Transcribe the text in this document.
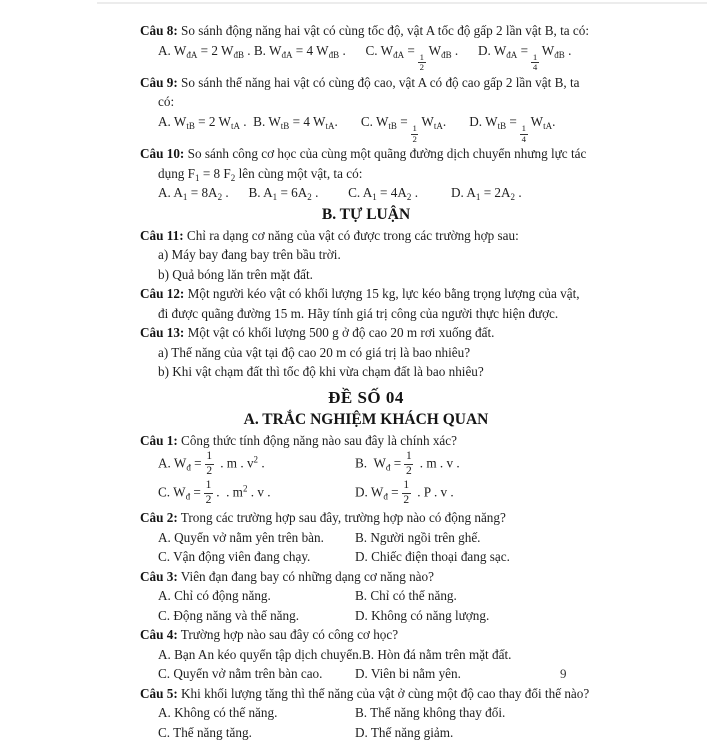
Câu 8: So sánh động năng hai vật có cùng tốc độ, vật A tốc độ gấp 2 lần vật B, ta có:

A. $W_{đA} = 2$ $W_{đB}$ . B. $W_{đA} = 4$ $W_{đB}$ .      C. $W_{đA}$ =
$\frac{1}{2}$
$W_{đB}$ .      D. $W_{đA}$ =
$\frac{1}{4}$
$W_{đB}$ .

Câu 9: So sánh thế năng hai vật có cùng độ cao, vật A có độ cao gấp 2 lần vật B, ta có:

A. $W_{tB} = 2$ $W_{tA}$ .  B. $W_{tB} = 4$ $W_{tA}$.       C. $W_{tB}$ =
$\frac{1}{2}$
$W_{tA}$.       D. $W_{tB}$ =
$\frac{1}{4}$
$W_{tA}$.

Câu 10: So sánh công cơ học của cùng một quãng đường dịch chuyển nhưng lực tác dụng $F_1 = 8$ $F_2$ lên cùng một vật, ta có:

A. $A_1 = 8A_2$ .      B. $A_1 = 6A_2$ .         C. $A_1 = 4A_2$ .          D. $A_1 = 2A_2$ .

B. TỰ LUẬN

Câu 11: Chỉ ra dạng cơ năng của vật có được trong các trường hợp sau:

a) Máy bay đang bay trên bầu trời.

b) Quả bóng lăn trên mặt đất.

Câu 12: Một người kéo vật có khối lượng 15 kg, lực kéo bằng trọng lượng của vật, đi được quãng đường 15 m. Hãy tính giá trị công của người thực hiện được.

Câu 13: Một vật có khối lượng 500 g ở độ cao 20 m rơi xuống đất.

a) Thế năng của vật tại độ cao 20 m có giá trị là bao nhiêu?

b) Khi vật chạm đất thì tốc độ khi vừa chạm đất là bao nhiêu?

ĐỀ SỐ 04
A. TRẮC NGHIỆM KHÁCH QUAN

Câu 1: Công thức tính động năng nào sau đây là chính xác?

A. $W_đ = \frac{1}{2}$ . m . $v^2$ .	B.  $W_đ = \frac{1}{2}$ . m . v .
C. $W_đ = \frac{1}{2}$ .  . $m^2$ . v .	D. $W_đ = \frac{1}{2}$ . P . v .

Câu 2: Trong các trường hợp sau đây, trường hợp nào có động năng?

A. Quyển vở nằm yên trên bàn.	B. Người ngồi trên ghế.
C. Vận động viên đang chạy.	D. Chiếc điện thoại đang sạc.

Câu 3: Viên đạn đang bay có những dạng cơ năng nào?

A. Chỉ có động năng.	B. Chỉ có thế năng.
C. Động năng và thế năng.	D. Không có năng lượng.

Câu 4: Trường hợp nào sau đây có công cơ học?

A. Bạn An kéo quyển tập dịch chuyển. B. Hòn đá nằm trên mặt đất.
C. Quyển vở nằm trên bàn cao.	D. Viên bi nằm yên.

Câu 5: Khi khối lượng tăng thì thế năng của vật ở cùng một độ cao thay đổi thế nào?

A. Không có thế năng.	B. Thế năng không thay đổi.
C. Thế năng tăng.	D. Thế năng giảm.
9
